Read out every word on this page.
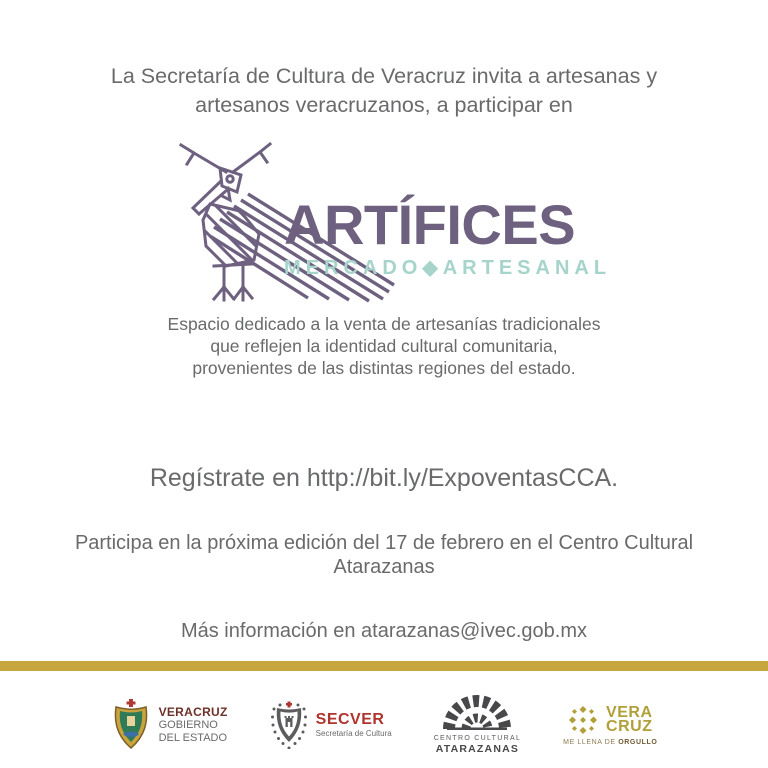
La Secretaría de Cultura de Veracruz invita a artesanas y
artesanos veracruzanos, a participar en
ARTÍFICES
MERCADO◆ARTESANAL
Espacio dedicado a la venta de artesanías tradicionales
que reflejen la identidad cultural comunitaria,
provenientes de las distintas regiones del estado.
Regístrate en http://bit.ly/ExpoventasCCA.
Participa en la próxima edición del 17 de febrero en el Centro Cultural
Atarazanas
Más información en atarazanas@ivec.gob.mx
VERACRUZ
GOBIERNO
DEL ESTADO
SECVER
Secretaría de Cultura
CENTRO CULTURAL
ATARAZANAS
VERA
CRUZ
ME LLENA DE ORGULLO
